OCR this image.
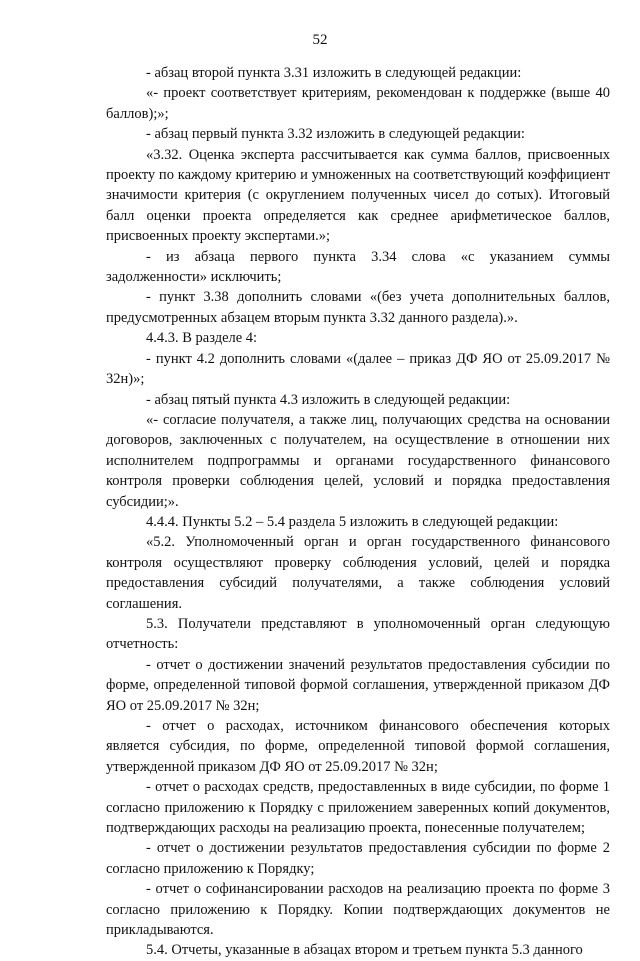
52

- абзац второй пункта 3.31 изложить в следующей редакции:

«- проект соответствует критериям, рекомендован к поддержке (выше 40 баллов);»;

- абзац первый пункта 3.32 изложить в следующей редакции:

«3.32. Оценка эксперта рассчитывается как сумма баллов, присвоенных проекту по каждому критерию и умноженных на соответствующий коэффициент значимости критерия (с округлением полученных чисел до сотых). Итоговый балл оценки проекта определяется как среднее арифметическое баллов, присвоенных проекту экспертами.»;

- из абзаца первого пункта 3.34 слова «с указанием суммы задолженности» исключить;

- пункт 3.38 дополнить словами «(без учета дополнительных баллов, предусмотренных абзацем вторым пункта 3.32 данного раздела).».

4.4.3. В разделе 4:

- пункт 4.2 дополнить словами «(далее – приказ ДФ ЯО от 25.09.2017 № 32н)»;

- абзац пятый пункта 4.3 изложить в следующей редакции:

«- согласие получателя, а также лиц, получающих средства на основании договоров, заключенных с получателем, на осуществление в отношении них исполнителем подпрограммы и органами государственного финансового контроля проверки соблюдения целей, условий и порядка предоставления субсидии;».

4.4.4. Пункты 5.2 – 5.4 раздела 5 изложить в следующей редакции:

«5.2. Уполномоченный орган и орган государственного финансового контроля осуществляют проверку соблюдения условий, целей и порядка предоставления субсидий получателями, а также соблюдения условий соглашения.

5.3. Получатели представляют в уполномоченный орган следующую отчетность:

- отчет о достижении значений результатов предоставления субсидии по форме, определенной типовой формой соглашения, утвержденной приказом ДФ ЯО от 25.09.2017 № 32н;

- отчет о расходах, источником финансового обеспечения которых является субсидия, по форме, определенной типовой формой соглашения, утвержденной приказом ДФ ЯО от 25.09.2017 № 32н;

- отчет о расходах средств, предоставленных в виде субсидии, по форме 1 согласно приложению к Порядку с приложением заверенных копий документов, подтверждающих расходы на реализацию проекта, понесенные получателем;

- отчет о достижении результатов предоставления субсидии по форме 2 согласно приложению к Порядку;

- отчет о софинансировании расходов на реализацию проекта по форме 3 согласно приложению к Порядку. Копии подтверждающих документов не прикладываются.

5.4. Отчеты, указанные в абзацах втором и третьем пункта 5.3 данного
